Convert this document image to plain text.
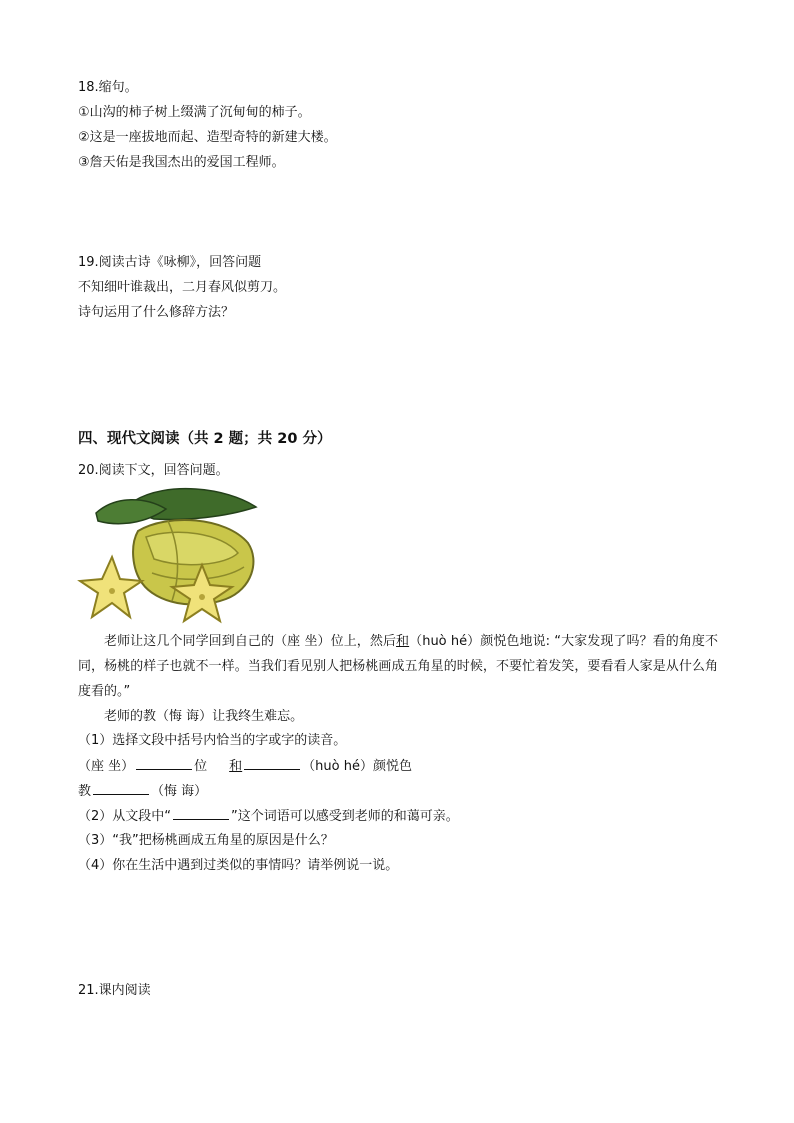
18.缩句。
①山沟的柿子树上缀满了沉甸甸的柿子。
②这是一座拔地而起、造型奇特的新建大楼。
③詹天佑是我国杰出的爱国工程师。
19.阅读古诗《咏柳》，回答问题
不知细叶谁裁出，二月春风似剪刀。
诗句运用了什么修辞方法？
四、现代文阅读（共 2 题；共 20 分）
20.阅读下文，回答问题。

老师让这几个同学回到自己的（座 坐）位上，然后和（huò hé）颜悦色地说: “大家发现了吗？看的角度不同，杨桃的样子也就不一样。当我们看见别人把杨桃画成五角星的时候，不要忙着发笑，要看看人家是从什么角度看的。”

老师的教（悔 诲）让我终生难忘。

（1）选择文段中括号内恰当的字或字的读音。
（座 坐）	位 和	（huò hé）颜悦色
教	（悔 诲）
（2）从文段中“	”这个词语可以感受到老师的和蔼可亲。
（3）“我”把杨桃画成五角星的原因是什么？
（4）你在生活中遇到过类似的事情吗？请举例说一说。
21.课内阅读
